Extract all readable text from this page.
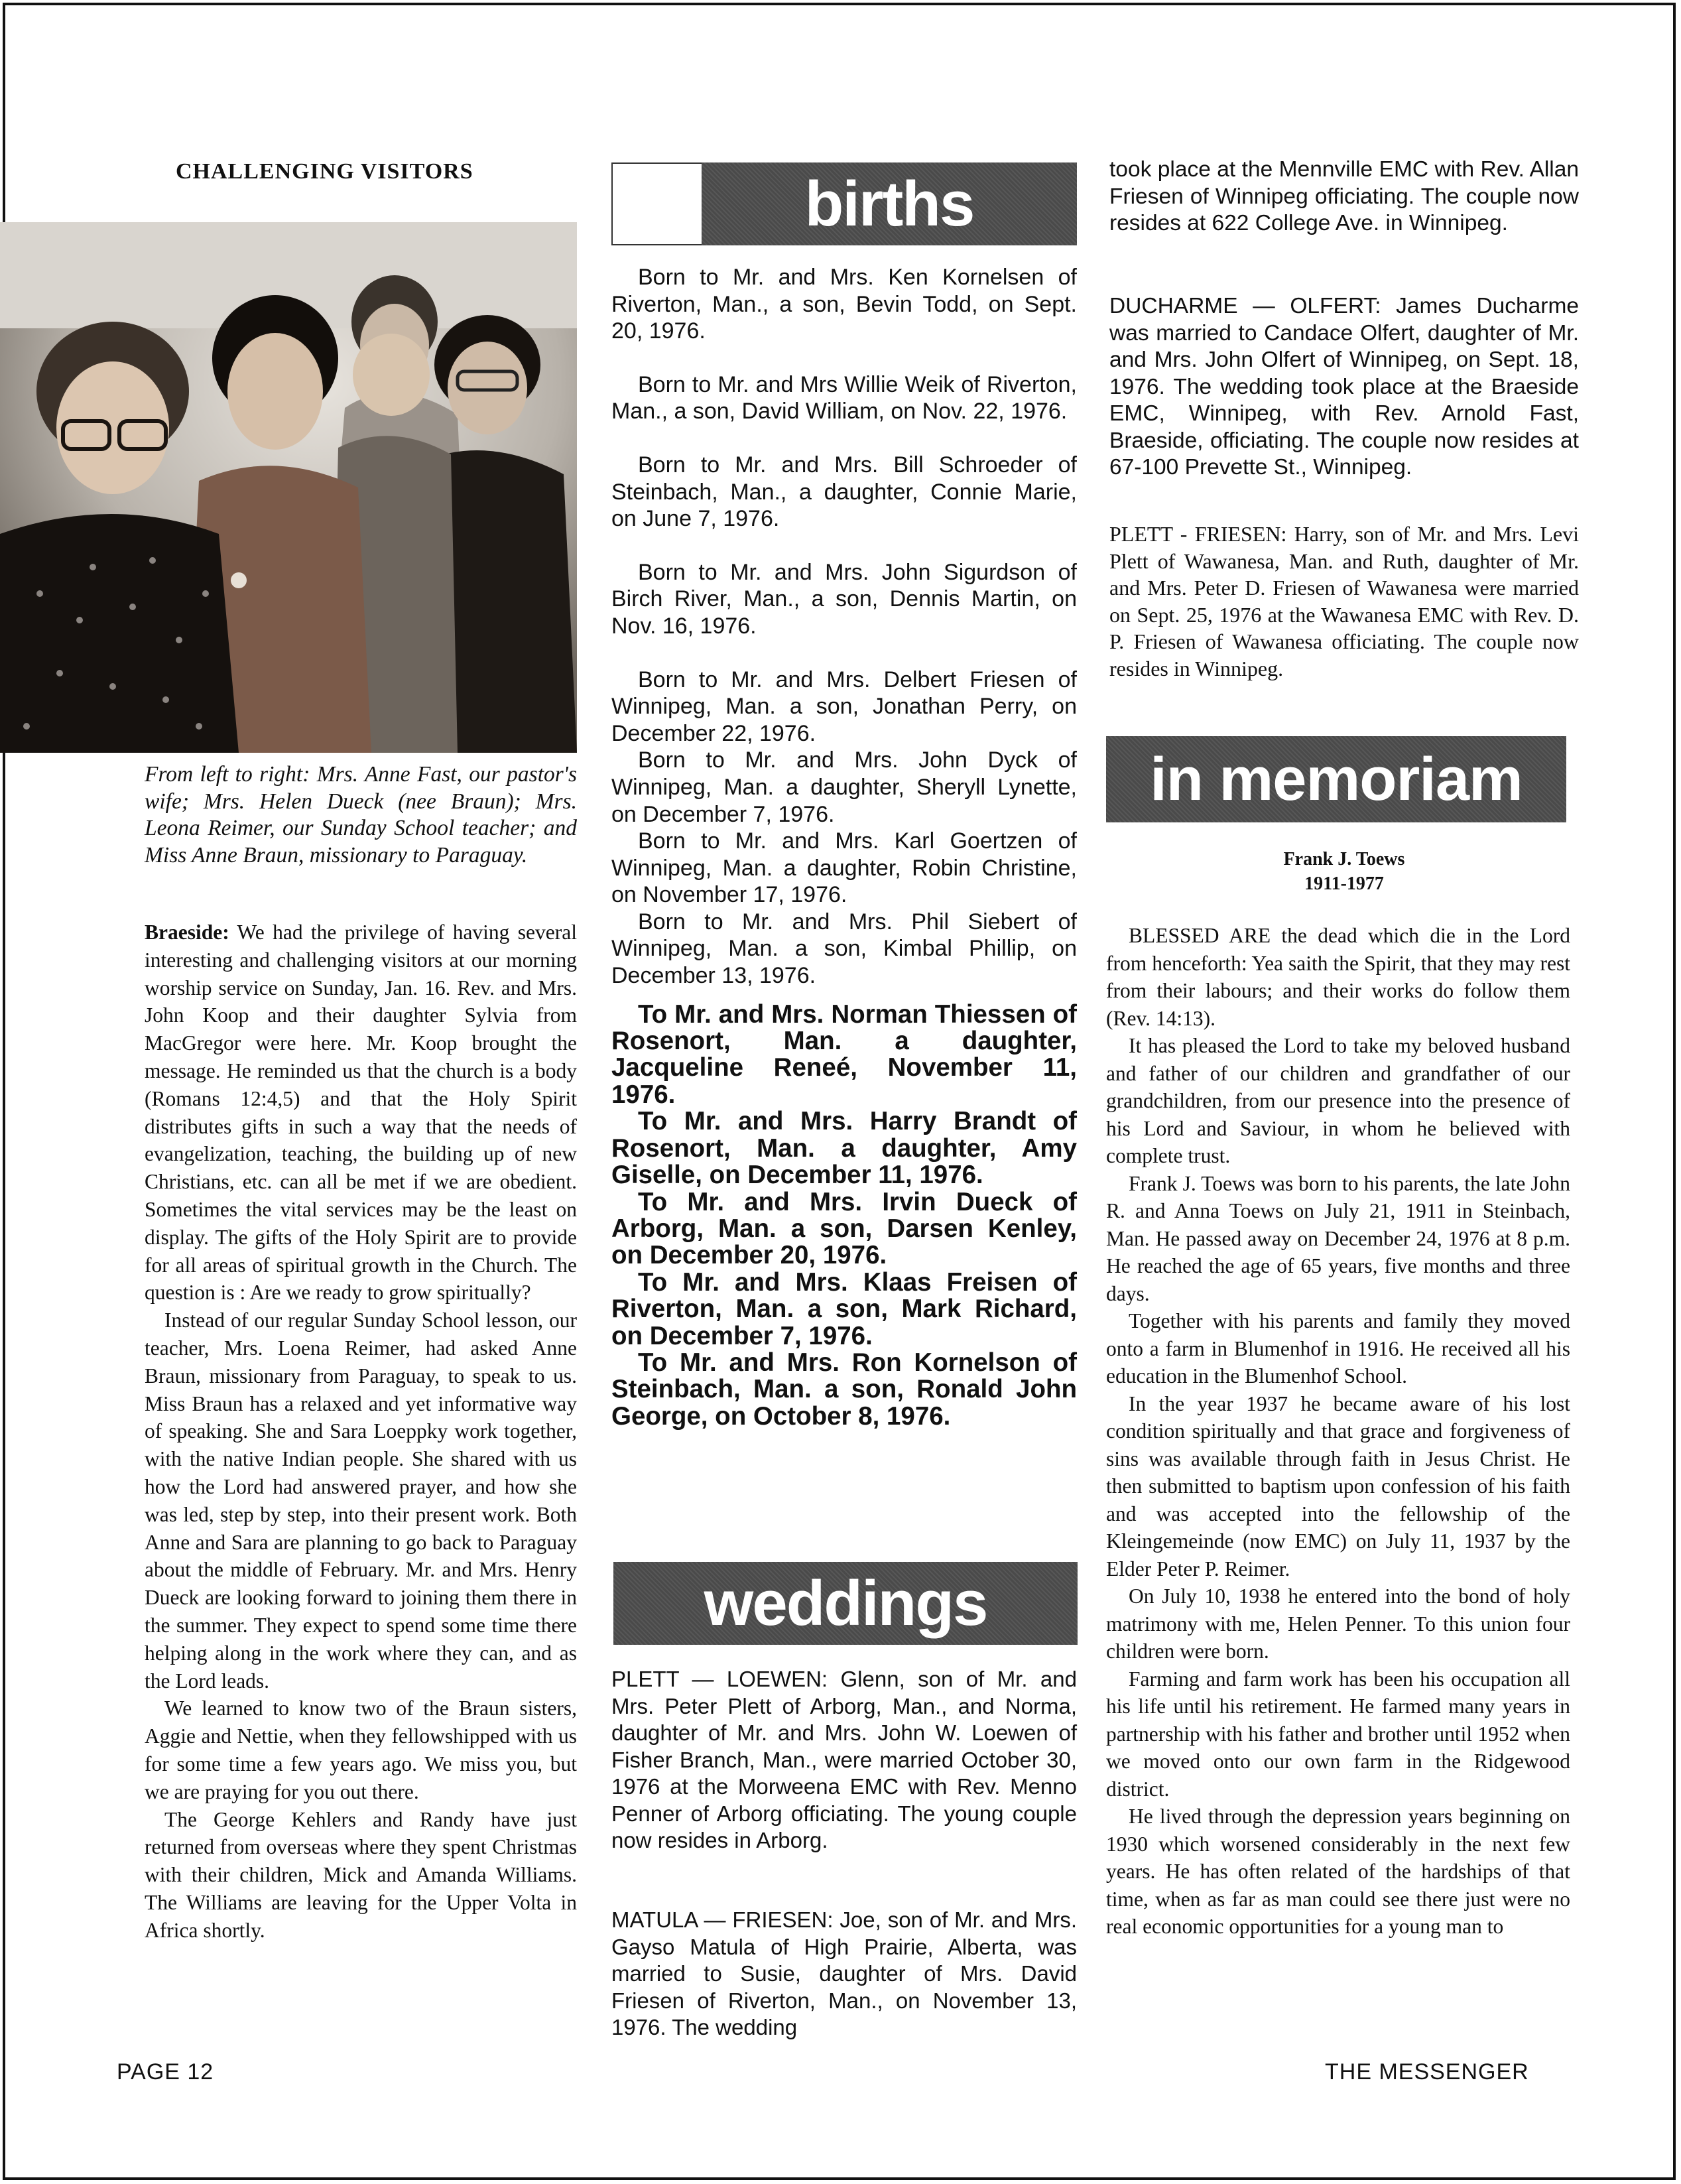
CHALLENGING VISITORS
From left to right: Mrs. Anne Fast, our pastor's wife; Mrs. Helen Dueck (nee Braun); Mrs. Leona Reimer, our Sunday School teacher; and Miss Anne Braun, missionary to Paraguay.

Braeside: We had the privilege of having several interesting and challenging visitors at our morning worship service on Sunday, Jan. 16. Rev. and Mrs. John Koop and their daughter Sylvia from MacGregor were here. Mr. Koop brought the message. He reminded us that the church is a body (Romans 12:4,5) and that the Holy Spirit distributes gifts in such a way that the needs of evangelization, teaching, the building up of new Christians, etc. can all be met if we are obedient. Sometimes the vital services may be the least on display. The gifts of the Holy Spirit are to provide for all areas of spiritual growth in the Church. The question is : Are we ready to grow spiritually?

Instead of our regular Sunday School lesson, our teacher, Mrs. Loena Reimer, had asked Anne Braun, missionary from Paraguay, to speak to us. Miss Braun has a relaxed and yet informative way of speaking. She and Sara Loeppky work together, with the native Indian people. She shared with us how the Lord had answered prayer, and how she was led, step by step, into their present work. Both Anne and Sara are planning to go back to Paraguay about the middle of February. Mr. and Mrs. Henry Dueck are looking forward to joining them there in the summer. They expect to spend some time there helping along in the work where they can, and as the Lord leads.

We learned to know two of the Braun sisters, Aggie and Nettie, when they fellowshipped with us for some time a few years ago. We miss you, but we are praying for you out there.

The George Kehlers and Randy have just returned from overseas where they spent Christmas with their children, Mick and Amanda Williams. The Williams are leaving for the Upper Volta in Africa shortly.

births

Born to Mr. and Mrs. Ken Kornelsen of Riverton, Man., a son, Bevin Todd, on Sept. 20, 1976.

Born to Mr. and Mrs Willie Weik of Riverton, Man., a son, David William, on Nov. 22, 1976.

Born to Mr. and Mrs. Bill Schroeder of Steinbach, Man., a daughter, Connie Marie, on June 7, 1976.

Born to Mr. and Mrs. John Sigurdson of Birch River, Man., a son, Dennis Martin, on Nov. 16, 1976.

Born to Mr. and Mrs. Delbert Friesen of Winnipeg, Man. a son, Jonathan Perry, on December 22, 1976.

Born to Mr. and Mrs. John Dyck of Winnipeg, Man. a daughter, Sheryll Lynette, on December 7, 1976.

Born to Mr. and Mrs. Karl Goertzen of Winnipeg, Man. a daughter, Robin Christine, on November 17, 1976.

Born to Mr. and Mrs. Phil Siebert of Winnipeg, Man. a son, Kimbal Phillip, on December 13, 1976.

To Mr. and Mrs. Norman Thiessen of Rosenort, Man. a daughter, Jacqueline Reneé, November 11, 1976.

To Mr. and Mrs. Harry Brandt of Rosenort, Man. a daughter, Amy Giselle, on December 11, 1976.

To Mr. and Mrs. Irvin Dueck of Arborg, Man. a son, Darsen Kenley, on December 20, 1976.

To Mr. and Mrs. Klaas Freisen of Riverton, Man. a son, Mark Richard, on December 7, 1976.

To Mr. and Mrs. Ron Kornelson of Steinbach, Man. a son, Ronald John George, on October 8, 1976.

weddings
PLETT — LOEWEN: Glenn, son of Mr. and Mrs. Peter Plett of Arborg, Man., and Norma, daughter of Mr. and Mrs. John W. Loewen of Fisher Branch, Man., were married October 30, 1976 at the Morweena EMC with Rev. Menno Penner of Arborg officiating. The young couple now resides in Arborg.
MATULA — FRIESEN: Joe, son of Mr. and Mrs. Gayso Matula of High Prairie, Alberta, was married to Susie, daughter of Mrs. David Friesen of Riverton, Man., on November 13, 1976. The wedding

took place at the Mennville EMC with Rev. Allan Friesen of Winnipeg officiating. The couple now resides at 622 College Ave. in Winnipeg.

DUCHARME — OLFERT: James Ducharme was married to Candace Olfert, daughter of Mr. and Mrs. John Olfert of Winnipeg, on Sept. 18, 1976. The wedding took place at the Braeside EMC, Winnipeg, with Rev. Arnold Fast, Braeside, officiating. The couple now resides at 67-100 Prevette St., Winnipeg.

PLETT - FRIESEN: Harry, son of Mr. and Mrs. Levi Plett of Wawanesa, Man. and Ruth, daughter of Mr. and Mrs. Peter D. Friesen of Wawanesa were married on Sept. 25, 1976 at the Wawanesa EMC with Rev. D. P. Friesen of Wawanesa officiating. The couple now resides in Winnipeg.
in memoriam
Frank J. Toews
1911-1977

BLESSED ARE the dead which die in the Lord from henceforth: Yea saith the Spirit, that they may rest from their labours; and their works do follow them (Rev. 14:13).

It has pleased the Lord to take my beloved husband and father of our children and grandfather of our grandchildren, from our presence into the presence of his Lord and Saviour, in whom he believed with complete trust.

Frank J. Toews was born to his parents, the late John R. and Anna Toews on July 21, 1911 in Steinbach, Man. He passed away on December 24, 1976 at 8 p.m. He reached the age of 65 years, five months and three days.

Together with his parents and family they moved onto a farm in Blumenhof in 1916. He received all his education in the Blumenhof School.

In the year 1937 he became aware of his lost condition spiritually and that grace and forgiveness of sins was available through faith in Jesus Christ. He then submitted to baptism upon confession of his faith and was accepted into the fellowship of the Kleingemeinde (now EMC) on July 11, 1937 by the Elder Peter P. Reimer.

On July 10, 1938 he entered into the bond of holy matrimony with me, Helen Penner. To this union four children were born.

Farming and farm work has been his occupation all his life until his retirement. He farmed many years in partnership with his father and brother until 1952 when we moved onto our own farm in the Ridgewood district.

He lived through the depression years beginning on 1930 which worsened considerably in the next few years. He has often related of the hardships of that time, when as far as man could see there just were no real economic opportunities for a young man to

PAGE 12	THE MESSENGER
